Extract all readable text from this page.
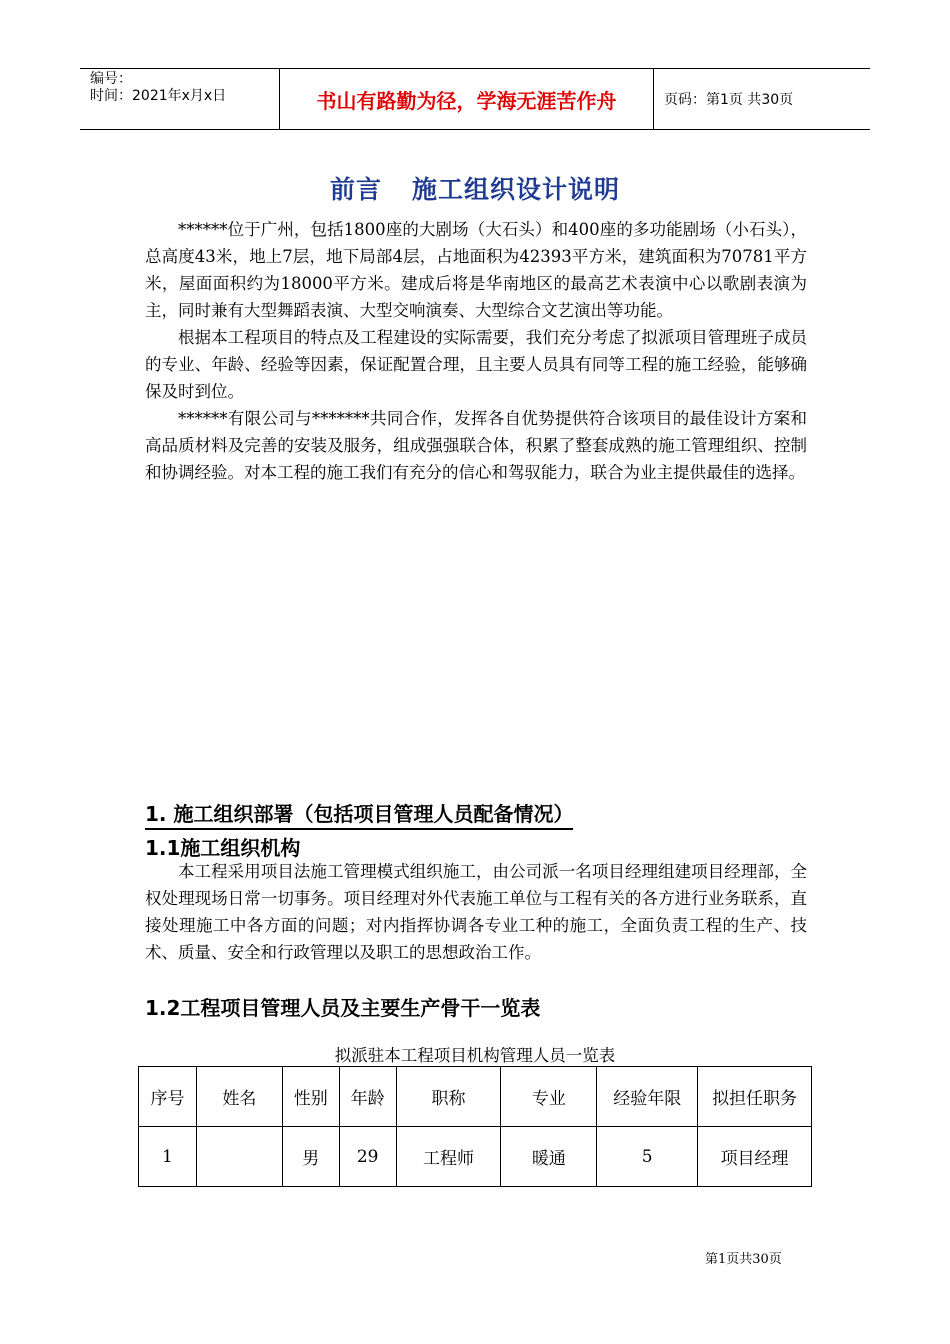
编号：
时间：2021年x月x日	书山有路勤为径，学海无涯苦作舟	页码：第1页 共30页
前言 施工组织设计说明

******位于广州，包括1800座的大剧场（大石头）和400座的多功能剧场（小石头），总高度43米，地上7层，地下局部4层，占地面积为42393平方米，建筑面积为70781平方米，屋面面积约为18000平方米。建成后将是华南地区的最高艺术表演中心以歌剧表演为主，同时兼有大型舞蹈表演、大型交响演奏、大型综合文艺演出等功能。

根据本工程项目的特点及工程建设的实际需要，我们充分考虑了拟派项目管理班子成员的专业、年龄、经验等因素，保证配置合理，且主要人员具有同等工程的施工经验，能够确保及时到位。

******有限公司与*******共同合作，发挥各自优势提供符合该项目的最佳设计方案和高品质材料及完善的安装及服务，组成强强联合体，积累了整套成熟的施工管理组织、控制和协调经验。对本工程的施工我们有充分的信心和驾驭能力，联合为业主提供最佳的选择。

1. 施工组织部署（包括项目管理人员配备情况）
1.1施工组织机构

本工程采用项目法施工管理模式组织施工，由公司派一名项目经理组建项目经理部，全权处理现场日常一切事务。项目经理对外代表施工单位与工程有关的各方进行业务联系，直接处理施工中各方面的问题；对内指挥协调各专业工种的施工，全面负责工程的生产、技术、质量、安全和行政管理以及职工的思想政治工作。

1.2工程项目管理人员及主要生产骨干一览表
拟派驻本工程项目机构管理人员一览表
序号	姓名	性别	年龄	职称	专业	经验年限	拟担任职务
1		男	29	工程师	暖通	5	项目经理
第1页共30页
